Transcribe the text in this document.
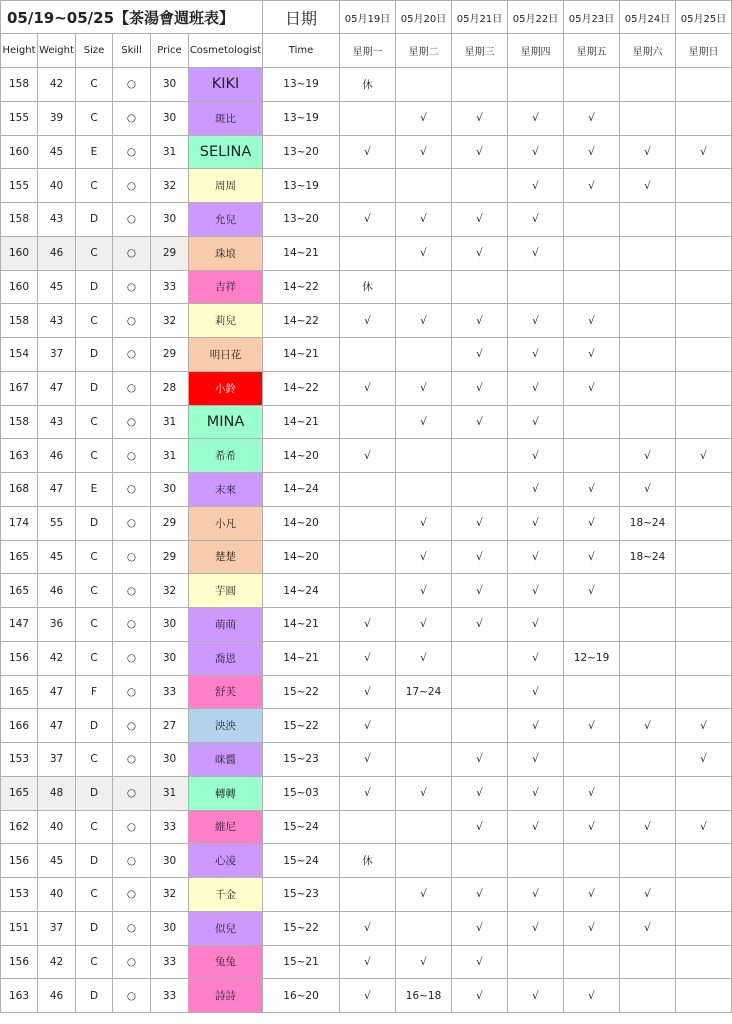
05/19~05/25【茶湯會週班表】						日期	05月19日	05月20日	05月21日	05月22日	05月23日	05月24日	05月25日
Height	Weight	Size	Skill	Price	Cosmetologist	Time	星期一	星期二	星期三	星期四	星期五	星期六	星期日
158	42	C	○	30	KIKI	13~19	休						
155	39	C	○	30	斑比	13~19		√	√	√	√		
160	45	E	○	31	SELINA	13~20	√	√	√	√	√	√	√
155	40	C	○	32	周周	13~19				√	√	√	
158	43	D	○	30	允兒	13~20	√	√	√	√			
160	46	C	○	29	珠埌	14~21		√	√	√			
160	45	D	○	33	吉祥	14~22	休						
158	43	C	○	32	莉兒	14~22	√	√	√	√	√		
154	37	D	○	29	明日花	14~21			√	√	√		
167	47	D	○	28	小鈴	14~22	√	√	√	√	√		
158	43	C	○	31	MINA	14~21		√	√	√			
163	46	C	○	31	希希	14~20	√			√		√	√
168	47	E	○	30	末來	14~24				√	√	√	
174	55	D	○	29	小凡	14~20		√	√	√	√	18~24	
165	45	C	○	29	楚楚	14~20		√	√	√	√	18~24	
165	46	C	○	32	芋圓	14~24		√	√	√	√		
147	36	C	○	30	萌萌	14~21	√	√	√	√			
156	42	C	○	30	喬恩	14~21	√	√		√	12~19		
165	47	F	○	33	舒芙	15~22	√	17~24		√			
166	47	D	○	27	泱泱	15~22	√			√	√	√	√
153	37	C	○	30	咪醬	15~23	√		√	√			√
165	48	D	○	31	轉轉	15~03	√	√	√	√	√		
162	40	C	○	33	維尼	15~24			√	√	√	√	√
156	45	D	○	30	心凌	15~24	休						
153	40	C	○	32	千金	15~23		√	√	√	√	√	
151	37	D	○	30	似兒	15~22	√		√	√	√	√	
156	42	C	○	33	兔兔	15~21	√	√	√				
163	46	D	○	33	詩詩	16~20	√	16~18	√	√	√		
